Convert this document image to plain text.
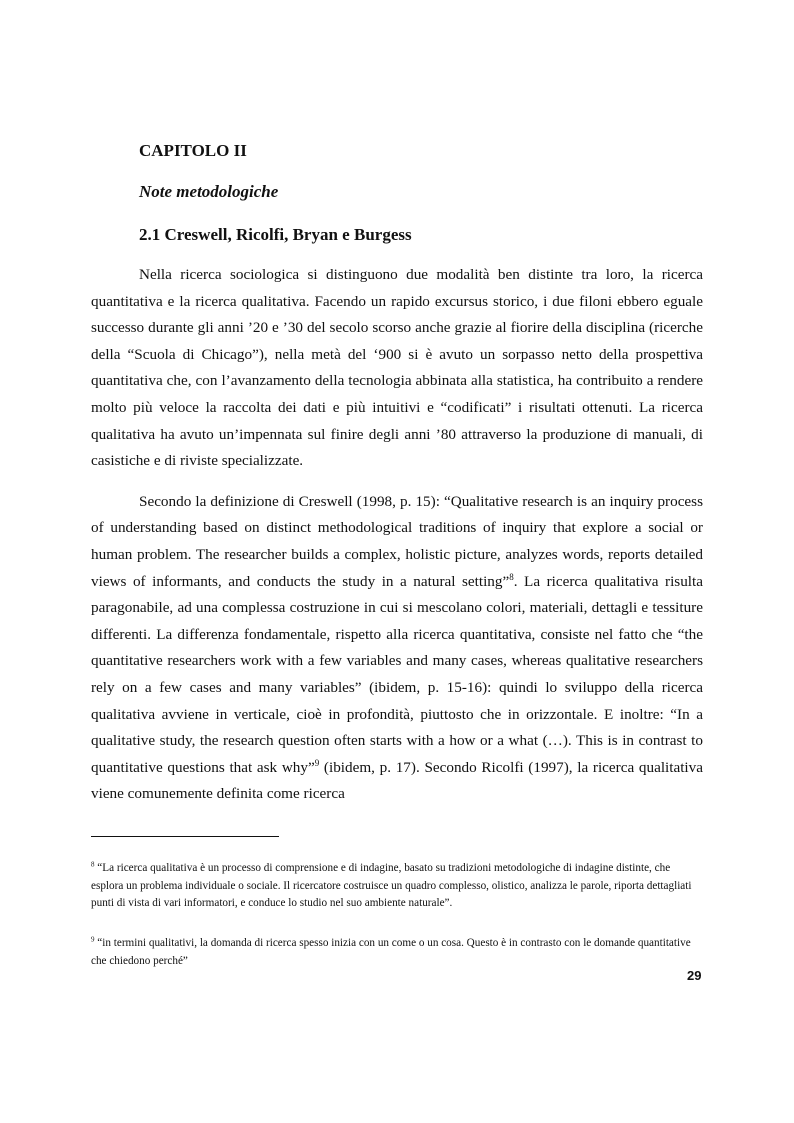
CAPITOLO II
Note metodologiche
2.1 Creswell, Ricolfi, Bryan e Burgess

Nella ricerca sociologica si distinguono due modalità ben distinte tra loro, la ricerca quantitativa e la ricerca qualitativa. Facendo un rapido excursus storico, i due filoni ebbero eguale successo durante gli anni ’20 e ’30 del secolo scorso anche grazie al fiorire della disciplina (ricerche della “Scuola di Chicago”), nella metà del ‘900 si è avuto un sorpasso netto della prospettiva quantitativa che, con l’avanzamento della tecnologia abbinata alla statistica, ha contribuito a rendere molto più veloce la raccolta dei dati e più intuitivi e “codificati” i risultati ottenuti. La ricerca qualitativa ha avuto un’impennata sul finire degli anni ’80 attraverso la produzione di manuali, di casistiche e di riviste specializzate.

Secondo la definizione di Creswell (1998, p. 15): “Qualitative research is an inquiry process of understanding based on distinct methodological traditions of inquiry that explore a social or human problem. The researcher builds a complex, holistic picture, analyzes words, reports detailed views of informants, and conducts the study in a natural setting”$^8$. La ricerca qualitativa risulta paragonabile, ad una complessa costruzione in cui si mescolano colori, materiali, dettagli e tessiture differenti. La differenza fondamentale, rispetto alla ricerca quantitativa, consiste nel fatto che “the quantitative researchers work with a few variables and many cases, whereas qualitative researchers rely on a few cases and many variables” (ibidem, p. 15-16): quindi lo sviluppo della ricerca qualitativa avviene in verticale, cioè in profondità, piuttosto che in orizzontale. E inoltre: “In a qualitative study, the research question often starts with a how or a what (…). This is in contrast to quantitative questions that ask why”$^9$ (ibidem, p. 17). Secondo Ricolfi (1997), la ricerca qualitativa viene comunemente definita come ricerca

$^8$ “La ricerca qualitativa è un processo di comprensione e di indagine, basato su tradizioni metodologiche di indagine distinte, che esplora un problema individuale o sociale. Il ricercatore costruisce un quadro complesso, olistico, analizza le parole, riporta dettagliati punti di vista di vari informatori, e conduce lo studio nel suo ambiente naturale”.

$^9$ “in termini qualitativi, la domanda di ricerca spesso inizia con un come o un cosa. Questo è in contrasto con le domande quantitative che chiedono perché”

29
